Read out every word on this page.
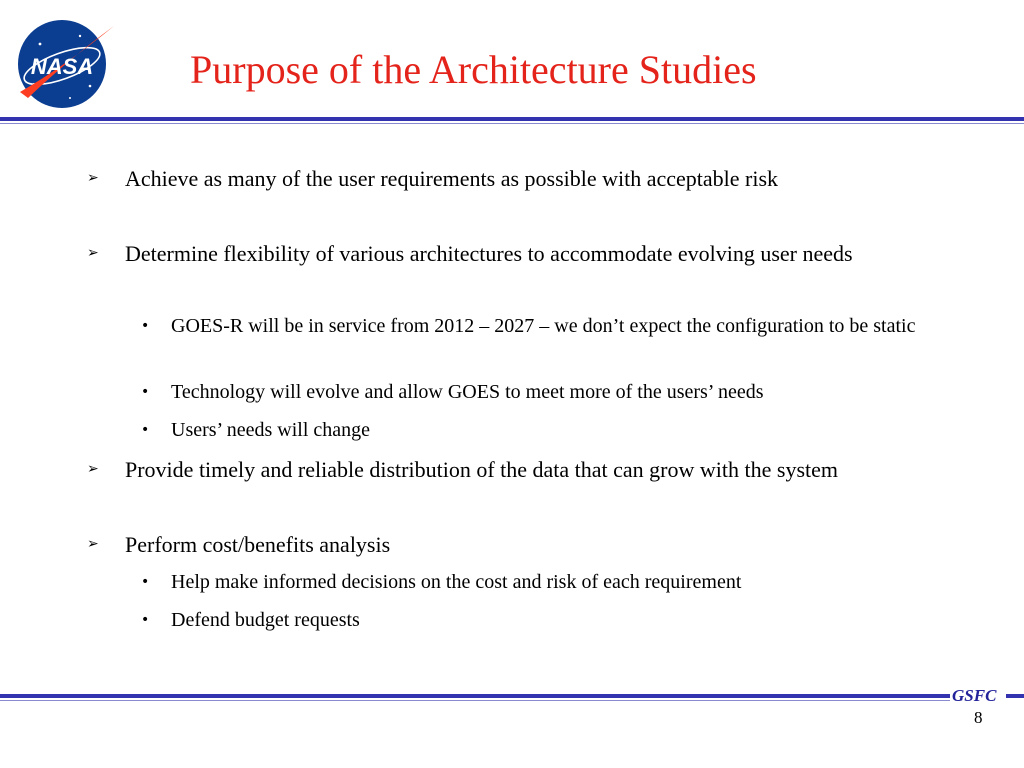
NASA Purpose of the Architecture Studies
➢ Achieve as many of the user requirements as possible with acceptable risk
➢ Determine flexibility of various architectures to accommodate evolving user needs
• GOES-R will be in service from 2012 – 2027 – we don’t expect the configuration to be static
• Technology will evolve and allow GOES to meet more of the users’ needs
• Users’ needs will change
➢ Provide timely and reliable distribution of the data that can grow with the system
➢ Perform cost/benefits analysis
• Help make informed decisions on the cost and risk of each requirement
• Defend budget requests
GSFC
8
